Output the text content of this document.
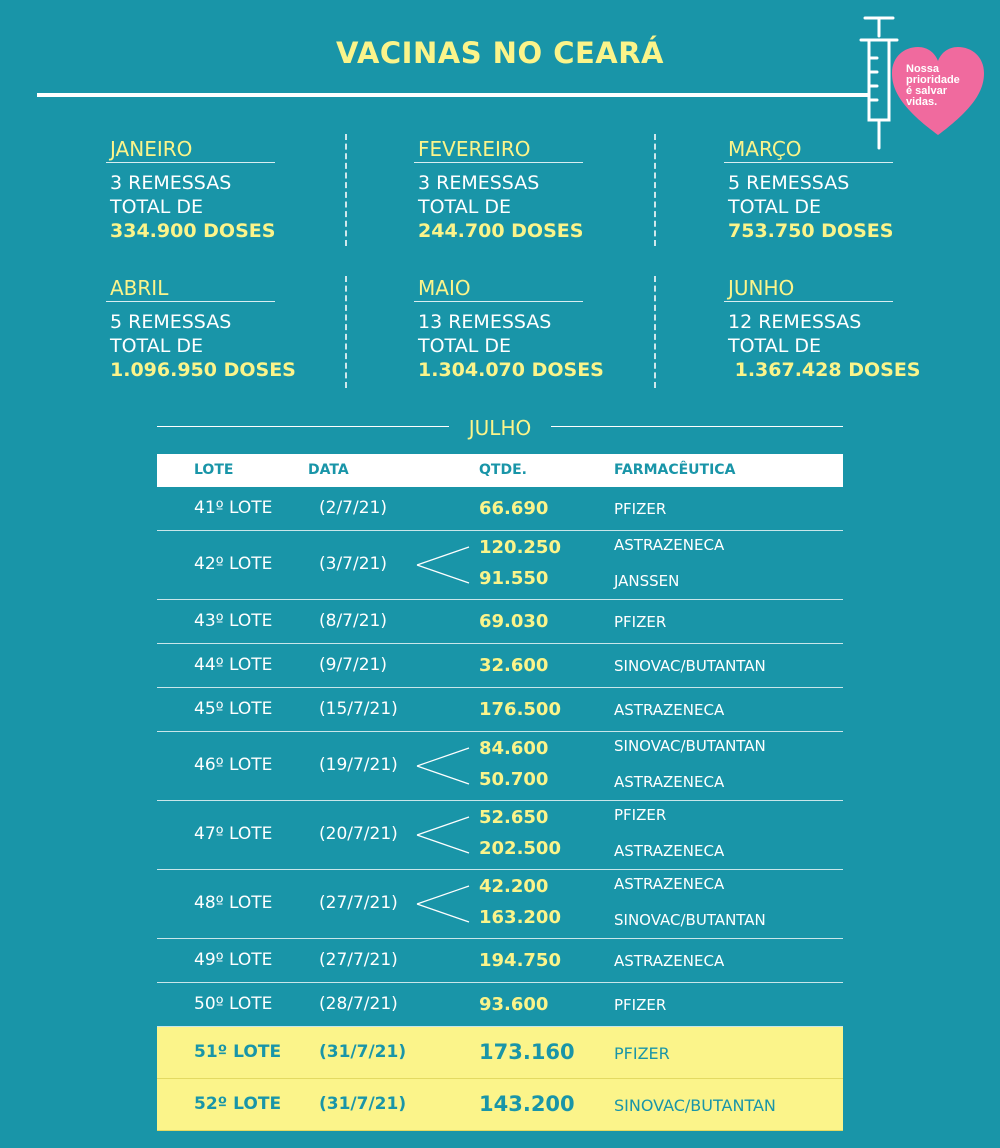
VACINAS NO CEARÁ	Nossa
prioridade
é salvar
vidas.
JANEIRO
3 REMESSAS
TOTAL DE
334.900 DOSES
FEVEREIRO
3 REMESSAS
TOTAL DE
244.700 DOSES
MARÇO
5 REMESSAS
TOTAL DE
753.750 DOSES
ABRIL
5 REMESSAS
TOTAL DE
1.096.950 DOSES
MAIO
13 REMESSAS
TOTAL DE
1.304.070 DOSES
JUNHO
12 REMESSAS
TOTAL DE
1.367.428 DOSES
JULHO
LOTE	DATA	QTDE.	FARMACÊUTICA
41º LOTE	(2/7/21)	66.690	PFIZER
42º LOTE	(3/7/21)
120.250	ASTRAZENECA
91.550	JANSSEN
43º LOTE	(8/7/21)	69.030	PFIZER
44º LOTE	(9/7/21)	32.600	SINOVAC/BUTANTAN
45º LOTE	(15/7/21)	176.500	ASTRAZENECA
46º LOTE	(19/7/21)
84.600	SINOVAC/BUTANTAN
50.700	ASTRAZENECA
47º LOTE	(20/7/21)
52.650	PFIZER
202.500	ASTRAZENECA
48º LOTE	(27/7/21)
42.200	ASTRAZENECA
163.200	SINOVAC/BUTANTAN
49º LOTE	(27/7/21)	194.750	ASTRAZENECA
50º LOTE	(28/7/21)	93.600	PFIZER
51º LOTE (31/7/21)	173.160 PFIZER
52º LOTE (31/7/21)	143.200 SINOVAC/BUTANTAN
